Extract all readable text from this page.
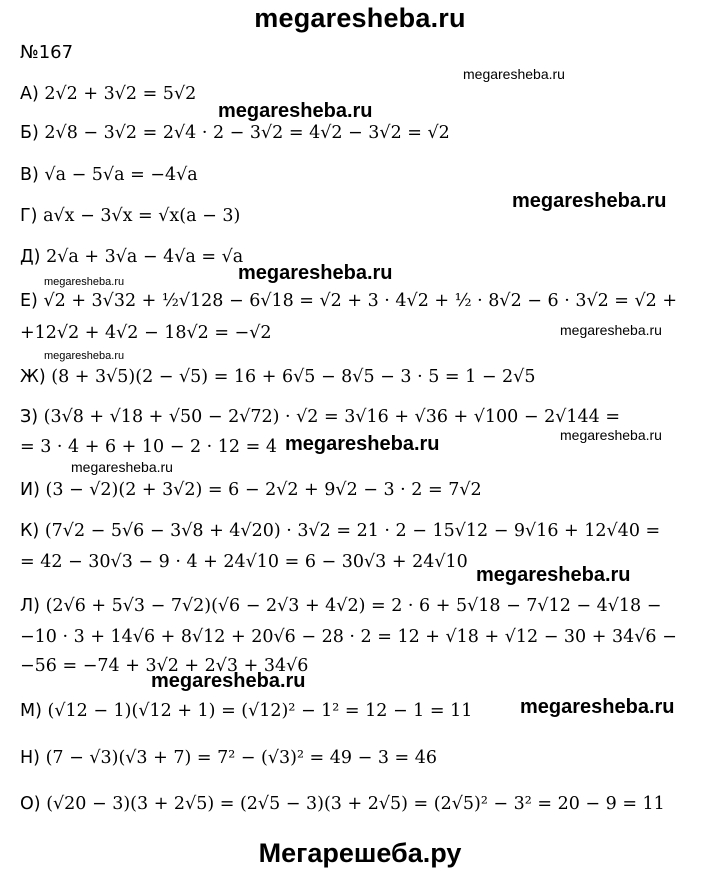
megaresheba.ru
№167
А) 2√2 + 3√2 = 5√2
Б) 2√8 − 3√2 = 2√4 · 2 − 3√2 = 4√2 − 3√2 = √2
В) √a − 5√a = −4√a
Г) a√x − 3√x = √x(a − 3)
Д) 2√a + 3√a − 4√a = √a
Е) √2 + 3√32 + ½√128 − 6√18 = √2 + 3 · 4√2 + ½ · 8√2 − 6 · 3√2 = √2 +
+12√2 + 4√2 − 18√2 = −√2
Ж) (8 + 3√5)(2 − √5) = 16 + 6√5 − 8√5 − 3 · 5 = 1 − 2√5
З) (3√8 + √18 + √50 − 2√72) · √2 = 3√16 + √36 + √100 − 2√144 =
= 3 · 4 + 6 + 10 − 2 · 12 = 4
И) (3 − √2)(2 + 3√2) = 6 − 2√2 + 9√2 − 3 · 2 = 7√2
К) (7√2 − 5√6 − 3√8 + 4√20) · 3√2 = 21 · 2 − 15√12 − 9√16 + 12√40 =
= 42 − 30√3 − 9 · 4 + 24√10 = 6 − 30√3 + 24√10
Л) (2√6 + 5√3 − 7√2)(√6 − 2√3 + 4√2) = 2 · 6 + 5√18 − 7√12 − 4√18 −
−10 · 3 + 14√6 + 8√12 + 20√6 − 28 · 2 = 12 + √18 + √12 − 30 + 34√6 −
−56 = −74 + 3√2 + 2√3 + 34√6
М) (√12 − 1)(√12 + 1) = (√12)² − 1² = 12 − 1 = 11
Н) (7 − √3)(√3 + 7) = 7² − (√3)² = 49 − 3 = 46
О) (√20 − 3)(3 + 2√5) = (2√5 − 3)(3 + 2√5) = (2√5)² − 3² = 20 − 9 = 11
megaresheba.ru
megaresheba.ru
megaresheba.ru
megaresheba.ru
megaresheba.ru
megaresheba.ru
megaresheba.ru
megaresheba.ru
megaresheba.ru
megaresheba.ru
megaresheba.ru
megaresheba.ru
megaresheba.ru
Мегарешеба.ру
